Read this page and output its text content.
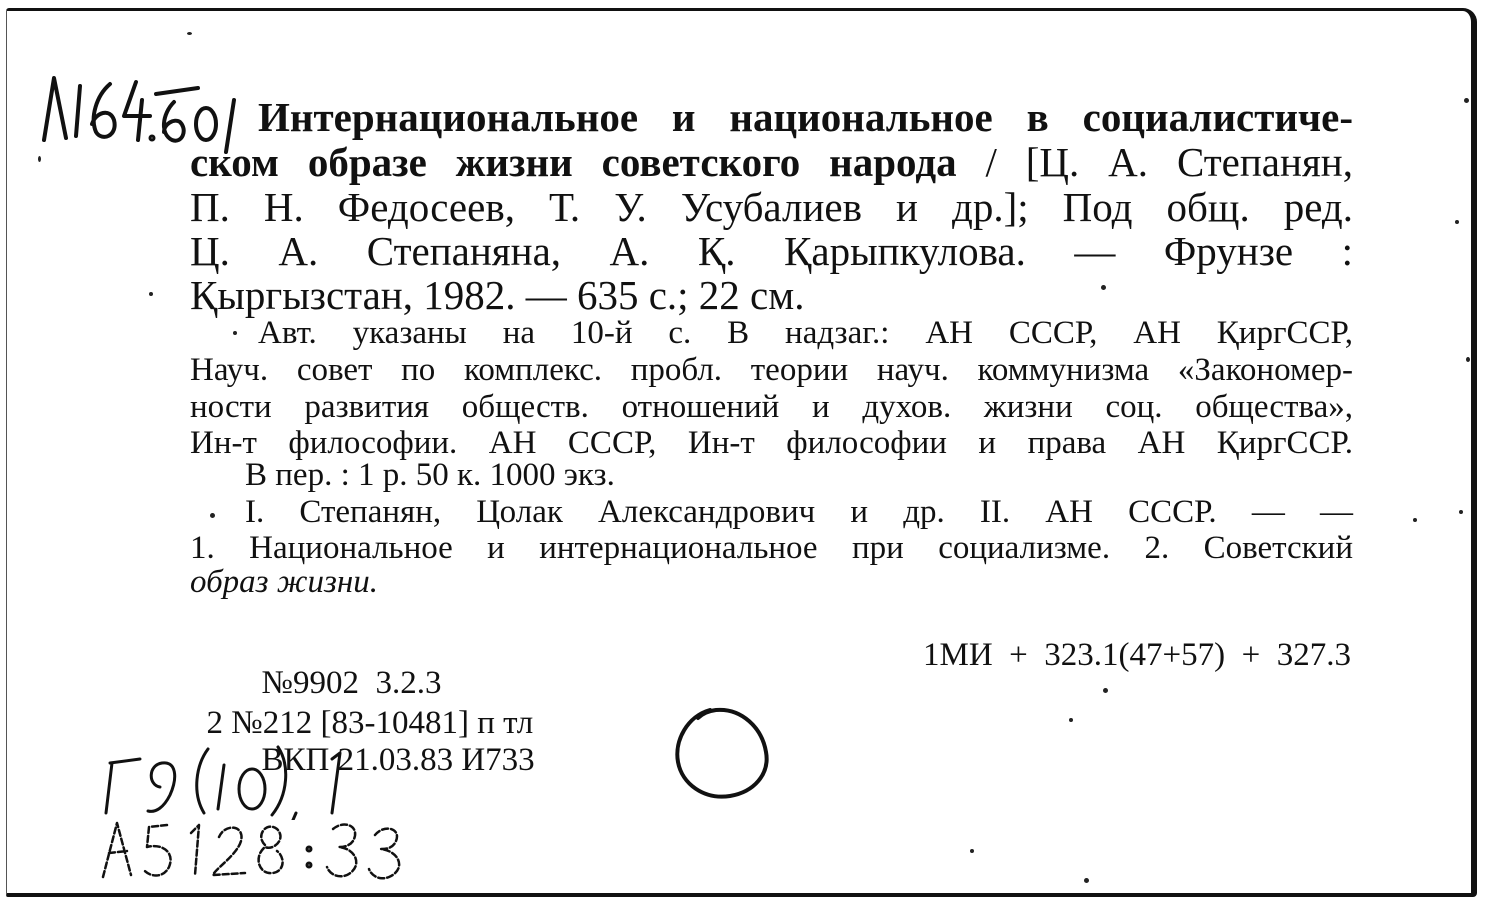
Интернациональное и национальное в социалистиче-
ском образе жизни советского народа / [Ц. А. Степанян,
П. Н. Федосеев, Т. У. Усубалиев и др.]; Под общ. ред.
Ц. А. Степаняна, А. Қ. Қарыпкулова. — Фрунзе :
Қыргызстан, 1982. — 635 с.; 22 см.
Авт. указаны на 10-й с. В надзаг.: АН СССР, АН ҚиргССР,
Науч. совет по комплекс. пробл. теории науч. коммунизма «Закономер-
ности развития обществ. отношений и духов. жизни соц. общества»,
Ин-т философии. АН СССР, Ин-т философии и права АН ҚиргССР.
В пер. : 1 р. 50 к. 1000 экз.
I. Степанян, Цолак Александрович и др. II. АН СССР. — —
1. Национальное и интернациональное при социализме. 2. Советский
образ жизни.

1МИ  +  323.1(47+57)  +  327.3

№9902  3.2.3

2 №212 [83-10481] п тл

ВКП 21.03.83 И733
